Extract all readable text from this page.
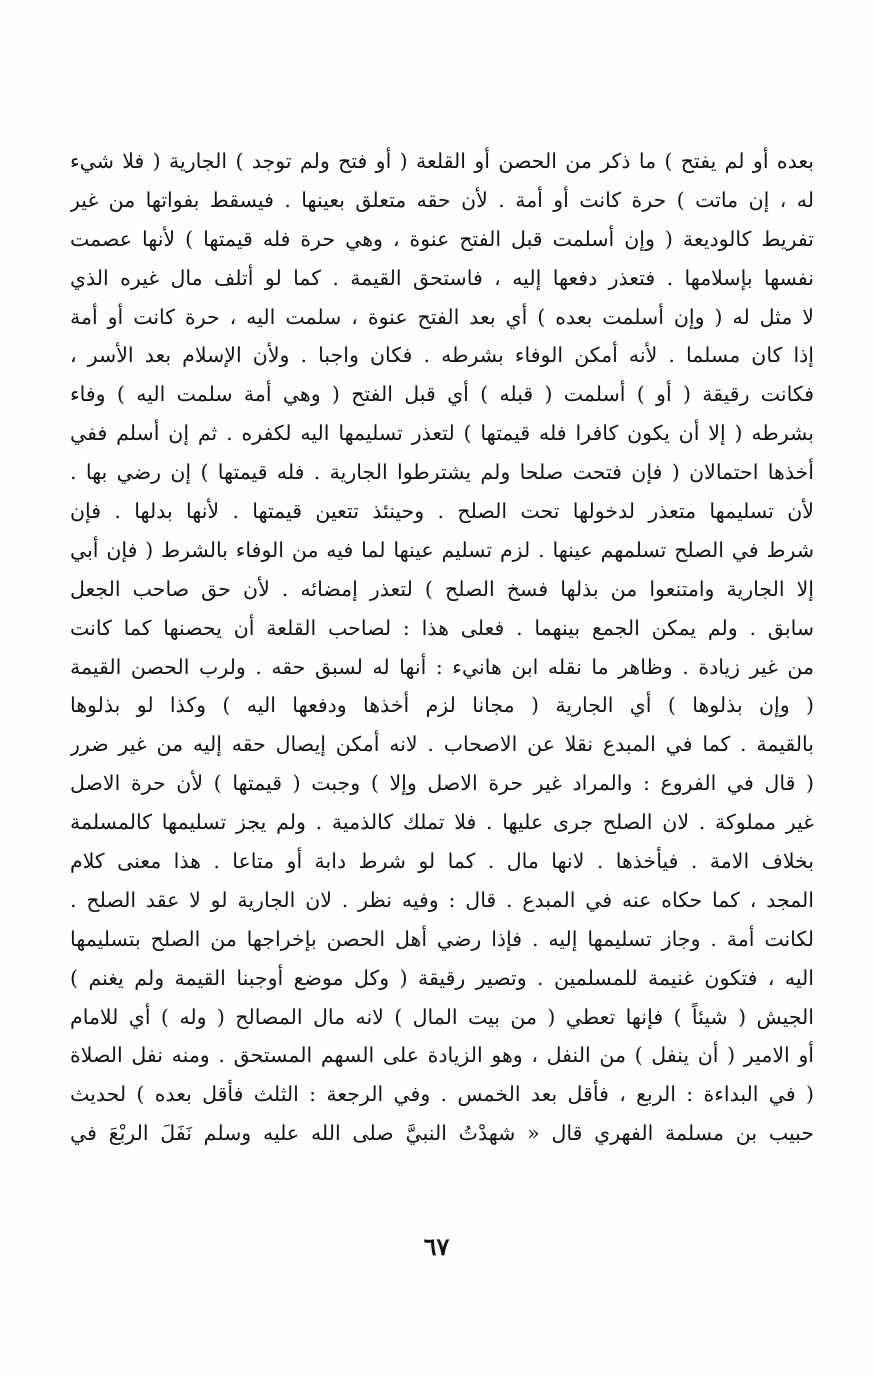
بعده أو لم يفتح ) ما ذكر من الحصن أو القلعة ( أو فتح ولم توجد ) الجارية ( فلا شيء
له ، إن ماتت ) حرة كانت أو أمة . لأن حقه متعلق بعينها . فيسقط بفواتها من غير
تفريط كالوديعة ( وإن أسلمت قبل الفتح عنوة ، وهي حرة فله قيمتها ) لأنها عصمت
نفسها بإسلامها . فتعذر دفعها إليه ، فاستحق القيمة . كما لو أتلف مال غيره الذي
لا مثل له ( وإن أسلمت بعده ) أي بعد الفتح عنوة ، سلمت اليه ، حرة كانت أو أمة
إذا كان مسلما . لأنه أمكن الوفاء بشرطه . فكان واجبا . ولأن الإسلام بعد الأسر ،
فكانت رقيقة ( أو ) أسلمت ( قبله ) أي قبل الفتح ( وهي أمة سلمت اليه ) وفاء
بشرطه ( إلا أن يكون كافرا فله قيمتها ) لتعذر تسليمها اليه لكفره . ثم إن أسلم ففي
أخذها احتمالان ( فإن فتحت صلحا ولم يشترطوا الجارية . فله قيمتها ) إن رضي بها .
لأن تسليمها متعذر لدخولها تحت الصلح . وحينئذ تتعين قيمتها . لأنها بدلها . فإن
شرط في الصلح تسلمهم عينها . لزم تسليم عينها لما فيه من الوفاء بالشرط ( فإن أبي
إلا الجارية وامتنعوا من بذلها فسخ الصلح ) لتعذر إمضائه . لأن حق صاحب الجعل
سابق . ولم يمكن الجمع بينهما . فعلى هذا : لصاحب القلعة أن يحصنها كما كانت
من غير زيادة . وظاهر ما نقله ابن هانيء : أنها له لسبق حقه . ولرب الحصن القيمة
( وإن بذلوها ) أي الجارية ( مجانا لزم أخذها ودفعها اليه ) وكذا لو بذلوها
بالقيمة . كما في المبدع نقلا عن الاصحاب . لانه أمكن إيصال حقه إليه من غير ضرر
( قال في الفروع : والمراد غير حرة الاصل وإلا ) وجبت ( قيمتها ) لأن حرة الاصل
غير مملوكة . لان الصلح جرى عليها . فلا تملك كالذمية . ولم يجز تسليمها كالمسلمة
بخلاف الامة . فيأخذها . لانها مال . كما لو شرط دابة أو متاعا . هذا معنى كلام
المجد ، كما حكاه عنه في المبدع . قال : وفيه نظر . لان الجارية لو لا عقد الصلح .
لكانت أمة . وجاز تسليمها إليه . فإذا رضي أهل الحصن بإخراجها من الصلح بتسليمها
اليه ، فتكون غنيمة للمسلمين . وتصير رقيقة ( وكل موضع أوجبنا القيمة ولم يغنم )
الجيش ( شيئاً ) فإنها تعطي ( من بيت المال ) لانه مال المصالح ( وله ) أي للامام
أو الامير ( أن ينفل ) من النفل ، وهو الزيادة على السهم المستحق . ومنه نفل الصلاة
( في البداءة : الربع ، فأقل بعد الخمس . وفي الرجعة : الثلث فأقل بعده ) لحديث
حبيب بن مسلمة الفهري قال « شهدْتُ النبيَّ صلى الله عليه وسلم نَفَلَ الربْعَ في
٦٧
